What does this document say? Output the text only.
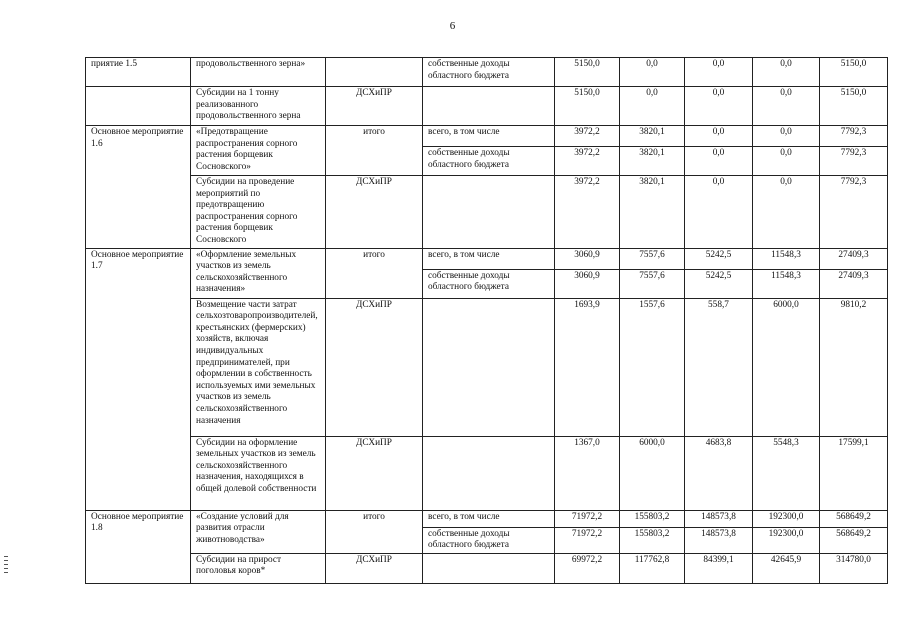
6
приятие 1.5	продовольственного зерна»		собственные доходы областного бюджета	5150,0	0,0	0,0	0,0	5150,0
	Субсидии на 1 тонну реализованного продовольственного зерна	ДСХиПР		5150,0	0,0	0,0	0,0	5150,0
Основное мероприятие 1.6	«Предотвращение распространения сорного растения борщевик Сосновского»	итого	всего, в том числе	3972,2	3820,1	0,0	0,0	7792,3
			собственные доходы областного бюджета	3972,2	3820,1	0,0	0,0	7792,3
	Субсидии на проведение мероприятий по предотвращению распространения сорного растения борщевик Сосновского	ДСХиПР		3972,2	3820,1	0,0	0,0	7792,3
Основное мероприятие 1.7	«Оформление земельных участков из земель сельскохозяйственного назначения»	итого	всего, в том числе	3060,9	7557,6	5242,5	11548,3	27409,3
			собственные доходы областного бюджета	3060,9	7557,6	5242,5	11548,3	27409,3
	Возмещение части затрат сельхозтоваропроизводителей, крестьянских (фермерских) хозяйств, включая индивидуальных предпринимателей, при оформлении в собственность используемых ими земельных участков из земель сельскохозяйственного назначения	ДСХиПР		1693,9	1557,6	558,7	6000,0	9810,2
	Субсидии на оформление земельных участков из земель сельскохозяйственного назначения, находящихся в общей долевой собственности	ДСХиПР		1367,0	6000,0	4683,8	5548,3	17599,1
Основное мероприятие 1.8	«Создание условий для развития отрасли животноводства»	итого	всего, в том числе	71972,2	155803,2	148573,8	192300,0	568649,2
			собственные доходы областного бюджета	71972,2	155803,2	148573,8	192300,0	568649,2
	Субсидии на прирост поголовья коров*	ДСХиПР		69972,2	117762,8	84399,1	42645,9	314780,0
